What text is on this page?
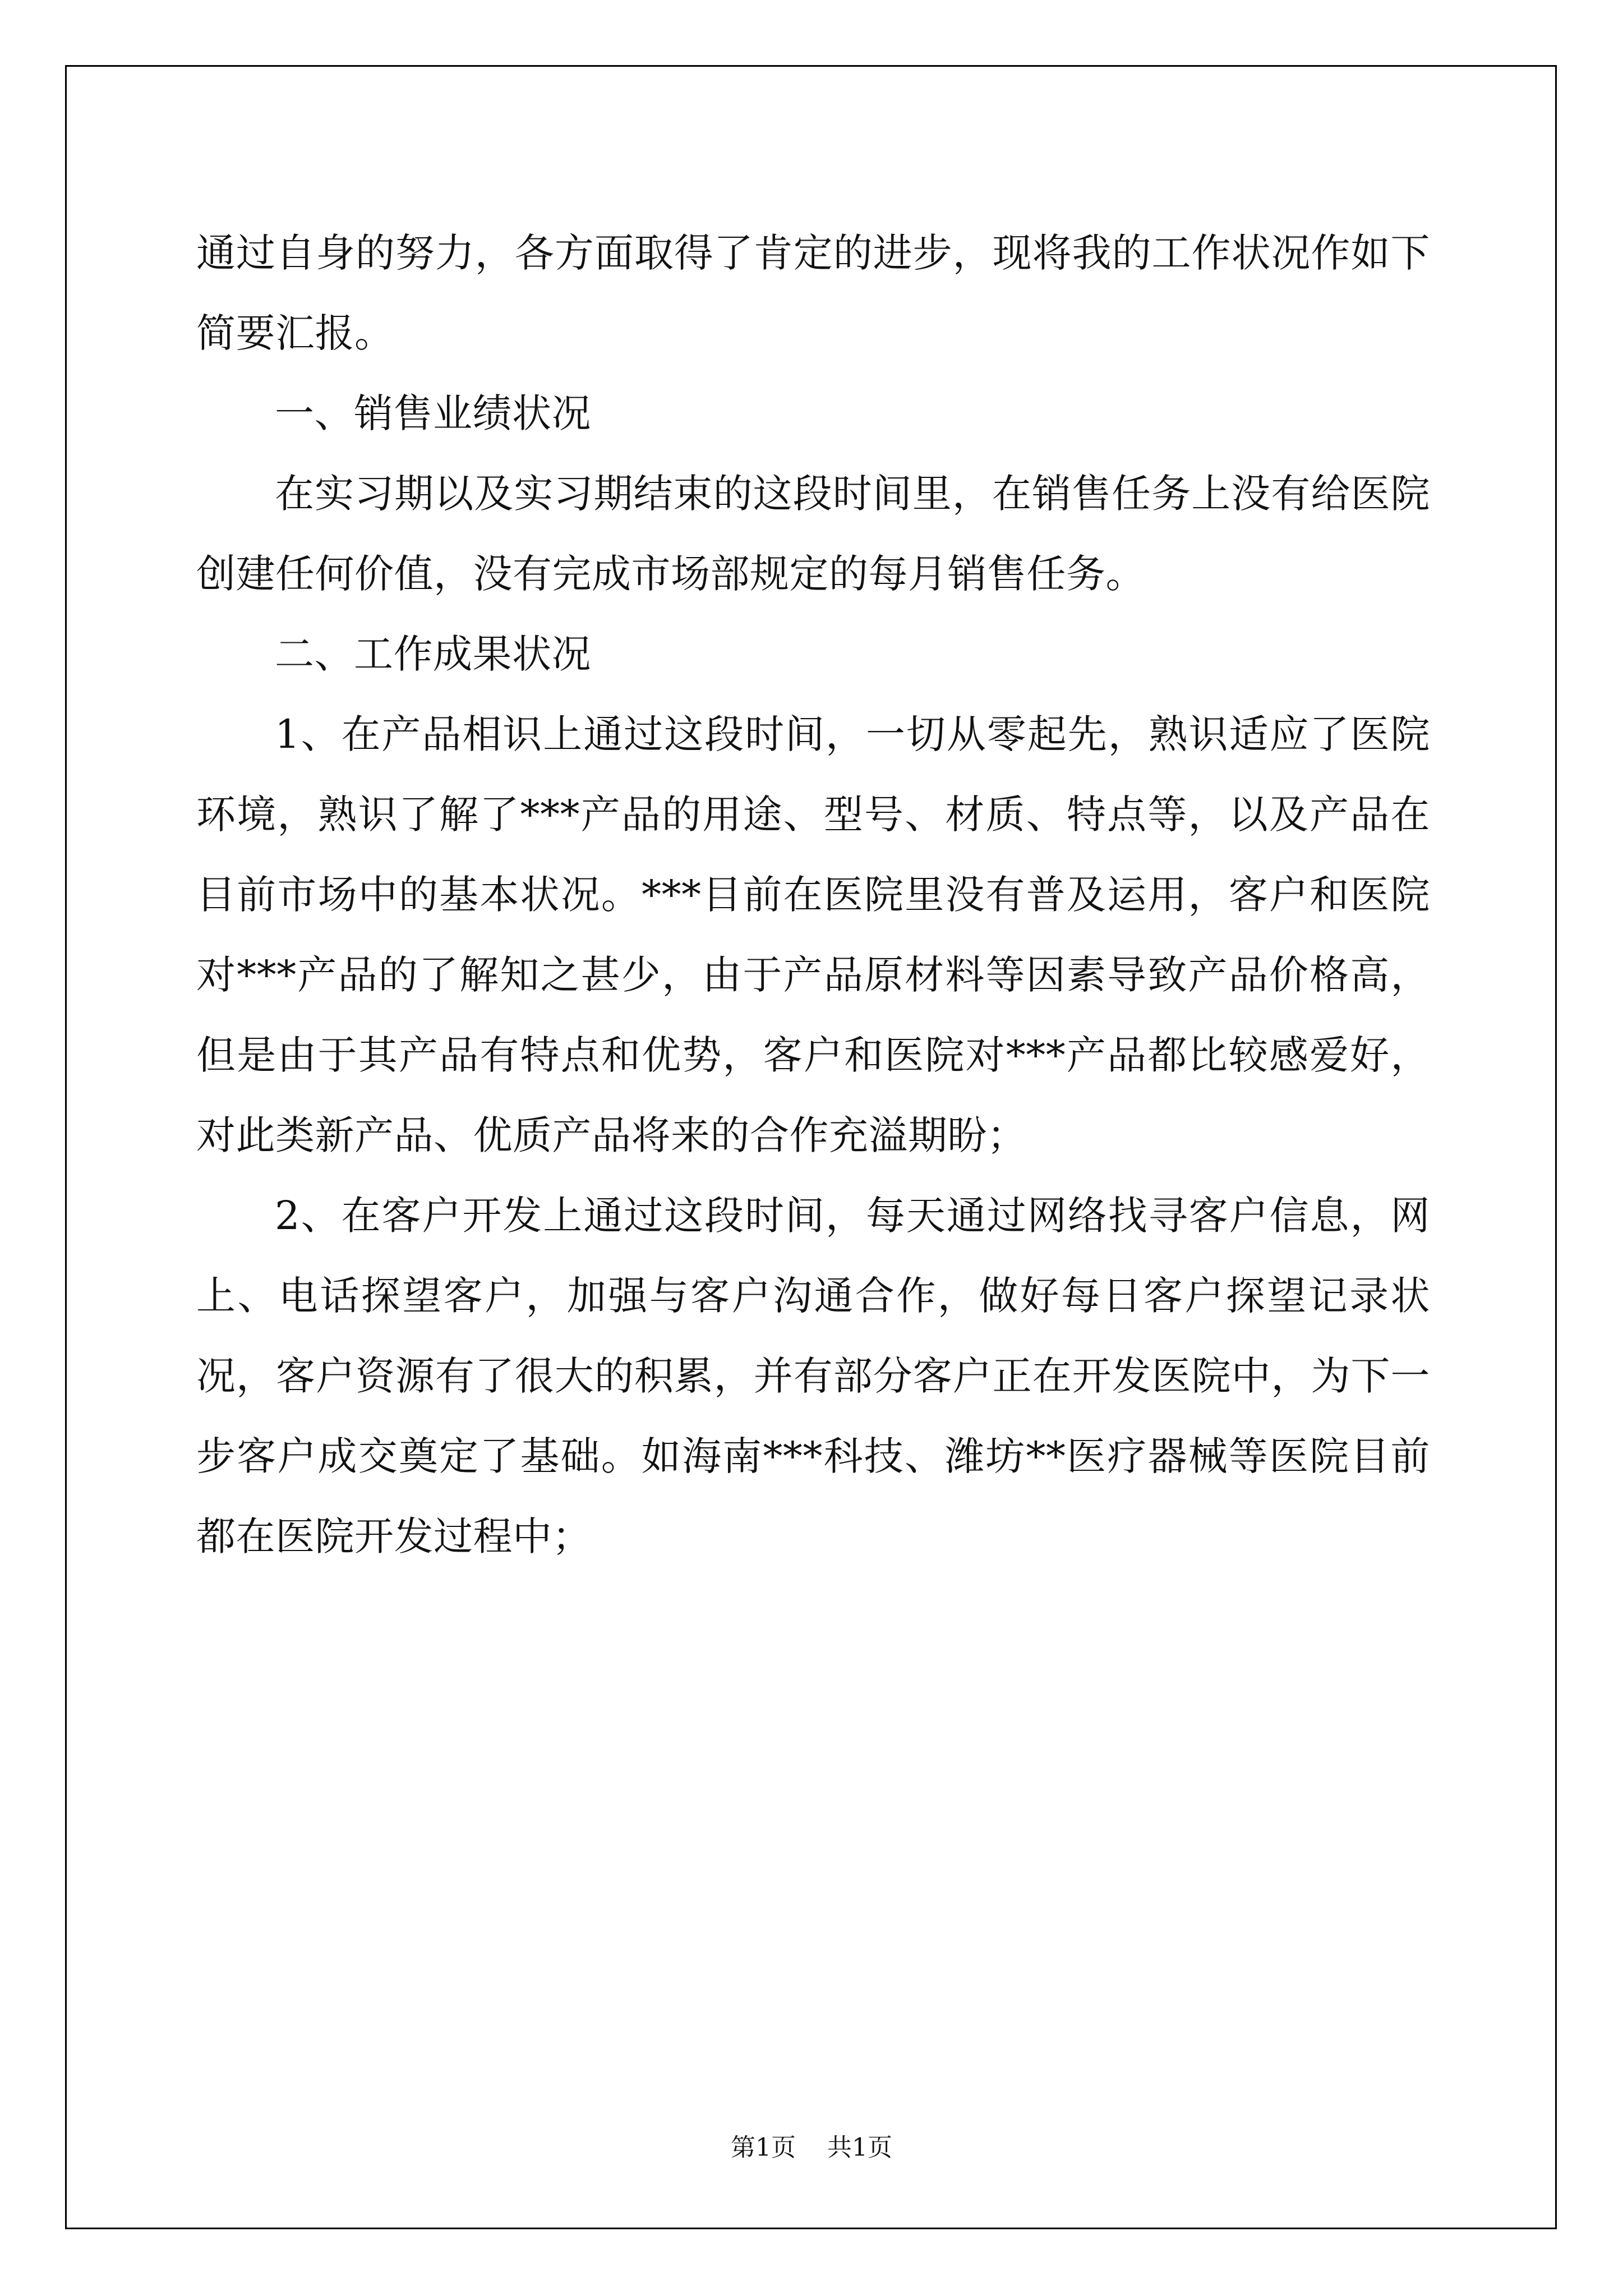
通过自身的努力，各方面取得了肯定的进步，现将我的工作状况作如下简要汇报。

一、销售业绩状况

在实习期以及实习期结束的这段时间里，在销售任务上没有给医院创建任何价值，没有完成市场部规定的每月销售任务。

二、工作成果状况

1、在产品相识上通过这段时间，一切从零起先，熟识适应了医院环境，熟识了解了***产品的用途、型号、材质、特点等，以及产品在目前市场中的基本状况。***目前在医院里没有普及运用，客户和医院对***产品的了解知之甚少，由于产品原材料等因素导致产品价格高，但是由于其产品有特点和优势，客户和医院对***产品都比较感爱好，对此类新产品、优质产品将来的合作充溢期盼；

2、在客户开发上通过这段时间，每天通过网络找寻客户信息，网上、电话探望客户，加强与客户沟通合作，做好每日客户探望记录状况，客户资源有了很大的积累，并有部分客户正在开发医院中，为下一步客户成交奠定了基础。如海南***科技、潍坊**医疗器械等医院目前都在医院开发过程中；

第1页 共1页
